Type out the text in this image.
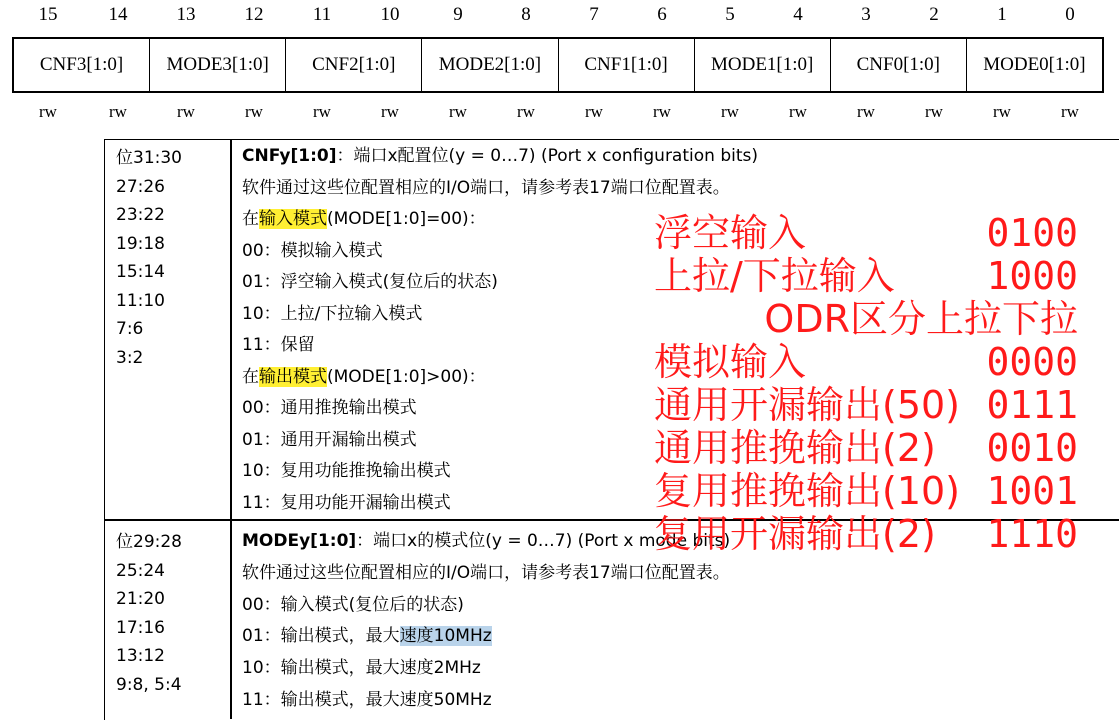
15	14	13	12	11	10	9	8	7	6	5	4	3	2	1	0
CNF3[1:0]	MODE3[1:0]	CNF2[1:0]	MODE2[1:0]	CNF1[1:0]	MODE1[1:0]	CNF0[1:0]	MODE0[1:0]
rw	rw	rw	rw	rw	rw	rw	rw	rw	rw	rw	rw	rw	rw	rw	rw
位31:30
27:26
23:22
19:18
15:14
11:10
7:6
3:2
CNFy[1:0]：端口x配置位(y = 0…7) (Port x configuration bits)
软件通过这些位配置相应的I/O端口，请参考表17端口位配置表。
在输入模式(MODE[1:0]=00)：
00：模拟输入模式
01：浮空输入模式(复位后的状态)
10：上拉/下拉输入模式
11：保留
在输出模式(MODE[1:0]>00)：
00：通用推挽输出模式
01：通用开漏输出模式
10：复用功能推挽输出模式
11：复用功能开漏输出模式
位29:28
25:24
21:20
17:16
13:12
9:8, 5:4
MODEy[1:0]：端口x的模式位(y = 0…7) (Port x mode bits)
软件通过这些位配置相应的I/O端口，请参考表17端口位配置表。
00：输入模式(复位后的状态)
01：输出模式，最大速度10MHz
10：输出模式，最大速度2MHz
11：输出模式，最大速度50MHz
浮空输入	0100
上拉/下拉输入 1000
ODR区分上拉下拉
模拟输入	0000
通用开漏输出(50) 0111
通用推挽输出(2) 0010
复用推挽输出(10) 1001
复用开漏输出(2) 1110
